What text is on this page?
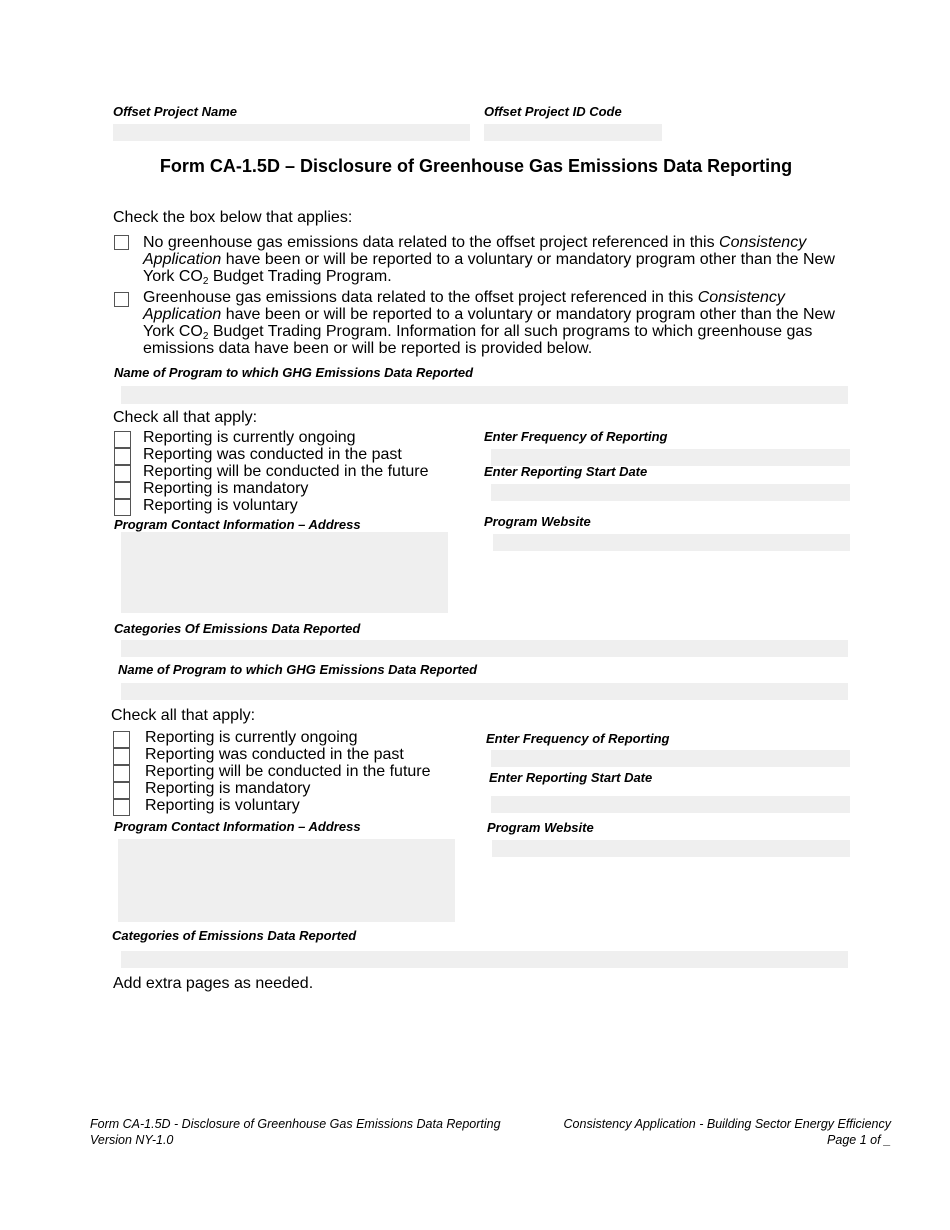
Offset Project Name	Offset Project ID Code
Form CA-1.5D – Disclosure of Greenhouse Gas Emissions Data Reporting
Check the box below that applies:
No greenhouse gas emissions data related to the offset project referenced in this Consistency Application have been or will be reported to a voluntary or mandatory program other than the New York $CO_2$ Budget Trading Program.
Greenhouse gas emissions data related to the offset project referenced in this Consistency Application have been or will be reported to a voluntary or mandatory program other than the New York $CO_2$ Budget Trading Program. Information for all such programs to which greenhouse gas emissions data have been or will be reported is provided below.
Name of Program to which GHG Emissions Data Reported
Check all that apply:
Reporting is currently ongoing
Reporting was conducted in the past
Reporting will be conducted in the future
Reporting is mandatory
Reporting is voluntary
Enter Frequency of Reporting
Enter Reporting Start Date
Program Contact Information – Address	Program Website
Categories Of Emissions Data Reported
Name of Program to which GHG Emissions Data Reported
Check all that apply:
Reporting is currently ongoing
Reporting was conducted in the past
Reporting will be conducted in the future
Reporting is mandatory
Reporting is voluntary
Enter Frequency of Reporting
Enter Reporting Start Date
Program Contact Information – Address	Program Website
Categories of Emissions Data Reported
Add extra pages as needed.
Form CA-1.5D - Disclosure of Greenhouse Gas Emissions Data Reporting
Version NY-1.0
Consistency Application - Building Sector Energy Efficiency
Page 1 of _
